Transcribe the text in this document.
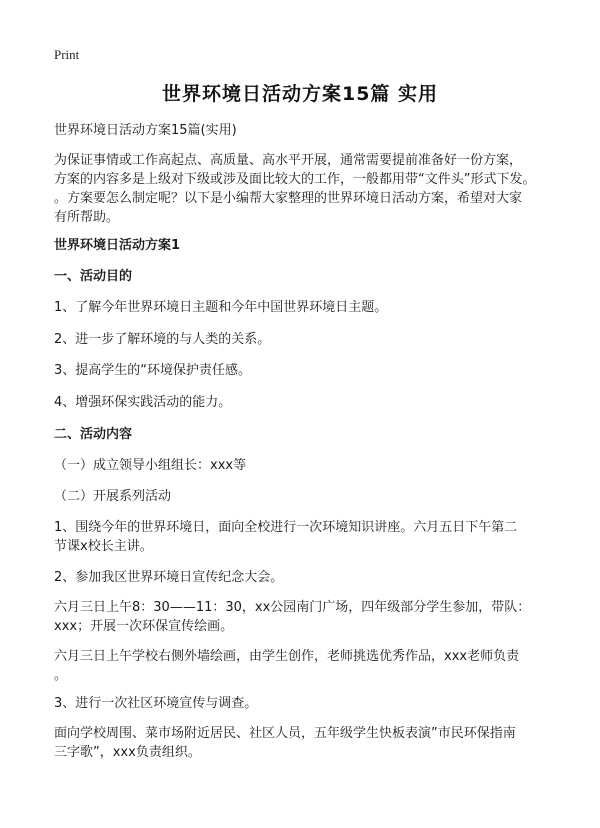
Print
世界环境日活动方案15篇 实用
世界环境日活动方案15篇(实用)
为保证事情或工作高起点、高质量、高水平开展，通常需要提前准备好一份方案，
方案的内容多是上级对下级或涉及面比较大的工作，一般都用带“文件头”形式下发。
。方案要怎么制定呢？以下是小编帮大家整理的世界环境日活动方案，希望对大家
有所帮助。
世界环境日活动方案1
一、活动目的
1、了解今年世界环境日主题和今年中国世界环境日主题。
2、进一步了解环境的与人类的关系。
3、提高学生的“环境保护责任感。
4、增强环保实践活动的能力。
二、活动内容
（一）成立领导小组组长：xxx等
（二）开展系列活动
1、围绕今年的世界环境日，面向全校进行一次环境知识讲座。六月五日下午第二
节课x校长主讲。
2、参加我区世界环境日宣传纪念大会。
六月三日上午8：30——11：30，xx公园南门广场，四年级部分学生参加，带队：
xxx；开展一次环保宣传绘画。
六月三日上午学校右侧外墙绘画，由学生创作，老师挑选优秀作品，xxx老师负责
。
3、进行一次社区环境宣传与调查。
面向学校周围、菜市场附近居民、社区人员，五年级学生快板表演”市民环保指南
三字歌”，xxx负责组织。
